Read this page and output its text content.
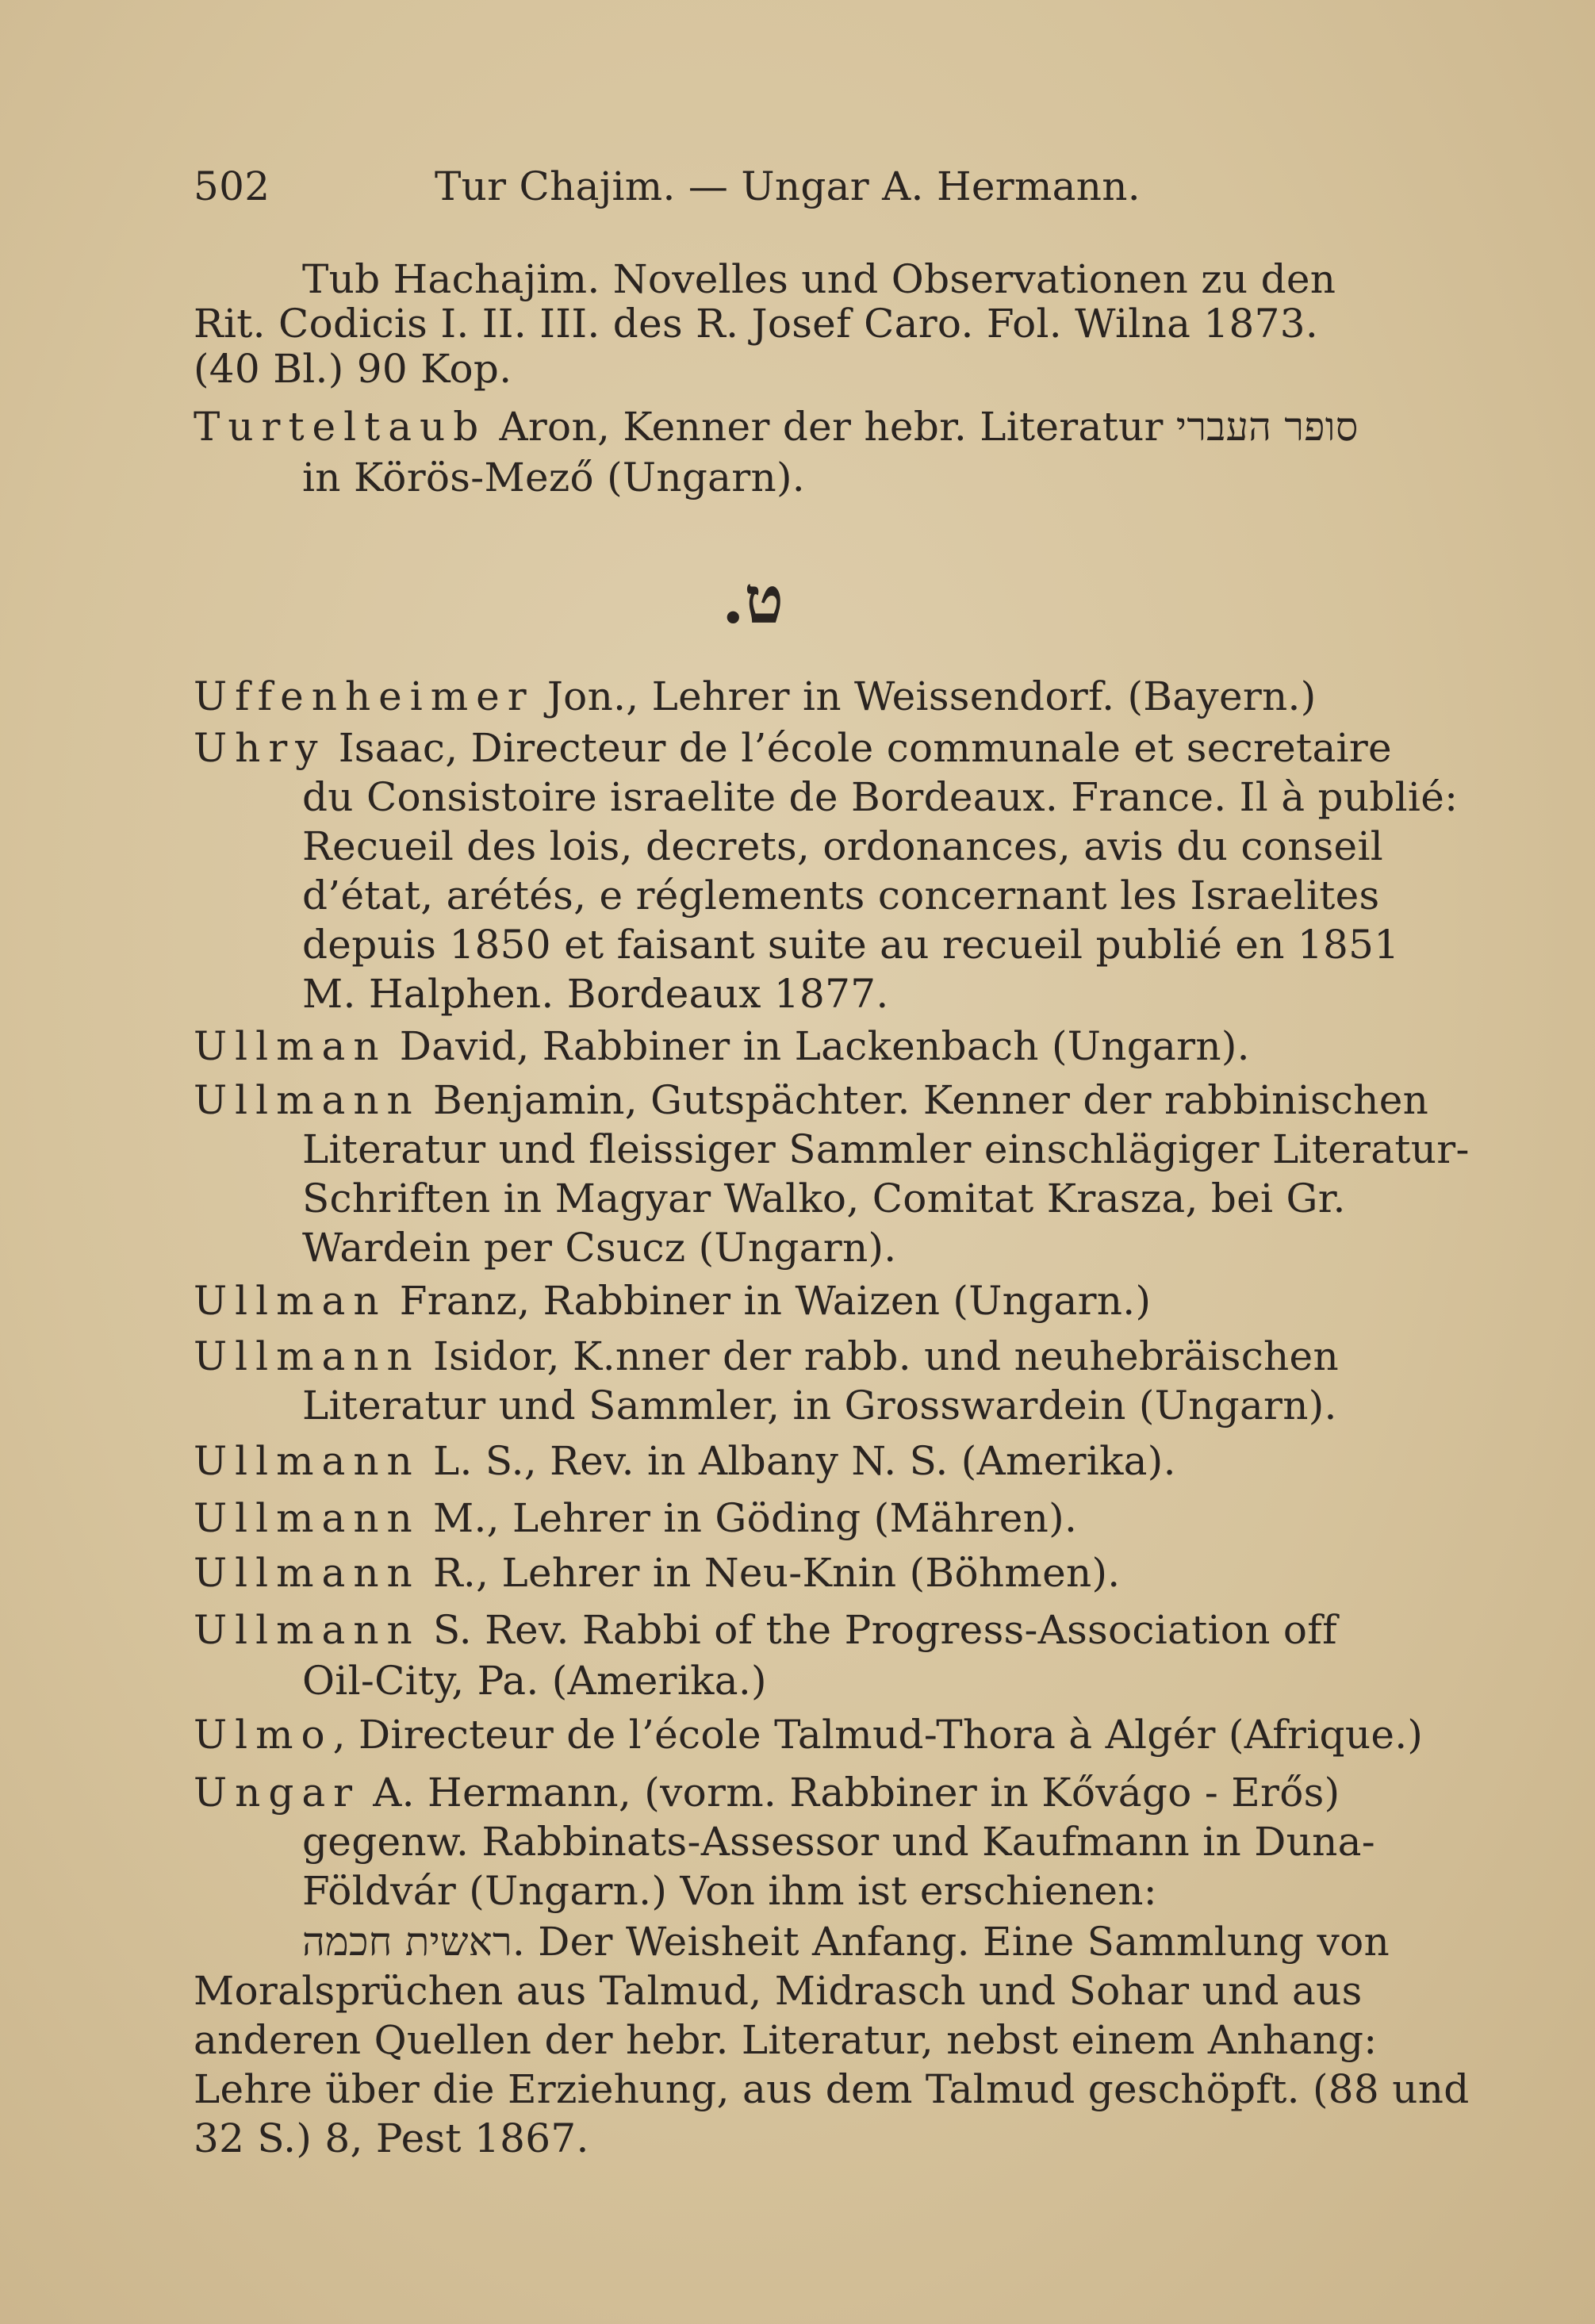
502	Tur Chajim. — Ungar A. Hermann.
Tub Hachajim. Novelles und Observationen zu den
Rit. Codicis I. II. III. des R. Josef Caro. Fol. Wilna 1873.
(40 Bl.) 90 Kop.
Turteltaub Aron, Kenner der hebr. Literatur סופר העברי
in Körös-Mező (Ungarn).
ט.
Uffenheimer Jon., Lehrer in Weissendorf. (Bayern.)
Uhry Isaac, Directeur de l’école communale et secretaire
du Consistoire israelite de Bordeaux. France. Il à publié:
Recueil des lois, decrets, ordonances, avis du conseil
d’état, arétés, e réglements concernant les Israelites
depuis 1850 et faisant suite au recueil publié en 1851
M. Halphen. Bordeaux 1877.
Ullman David, Rabbiner in Lackenbach (Ungarn).
Ullmann Benjamin, Gutspächter. Kenner der rabbinischen
Literatur und fleissiger Sammler einschlägiger Literatur-
Schriften in Magyar Walko, Comitat Krasza, bei Gr.
Wardein per Csucz (Ungarn).
Ullman Franz, Rabbiner in Waizen (Ungarn.)
Ullmann Isidor, K.nner der rabb. und neuhebräischen
Literatur und Sammler, in Grosswardein (Ungarn).
Ullmann L. S., Rev. in Albany N. S. (Amerika).
Ullmann M., Lehrer in Göding (Mähren).
Ullmann R., Lehrer in Neu-Knin (Böhmen).
Ullmann S. Rev. Rabbi of the Progress-Association off
Oil-City, Pa. (Amerika.)
Ulmo, Directeur de l’école Talmud-Thora à Algér (Afrique.)
Ungar A. Hermann, (vorm. Rabbiner in Kővágo - Erős)
gegenw. Rabbinats-Assessor und Kaufmann in Duna-
Földvár (Ungarn.) Von ihm ist erschienen:
ראשית חכמה. Der Weisheit Anfang. Eine Sammlung von
Moralsprüchen aus Talmud, Midrasch und Sohar und aus
anderen Quellen der hebr. Literatur, nebst einem Anhang:
Lehre über die Erziehung, aus dem Talmud geschöpft. (88 und
32 S.) 8, Pest 1867.
